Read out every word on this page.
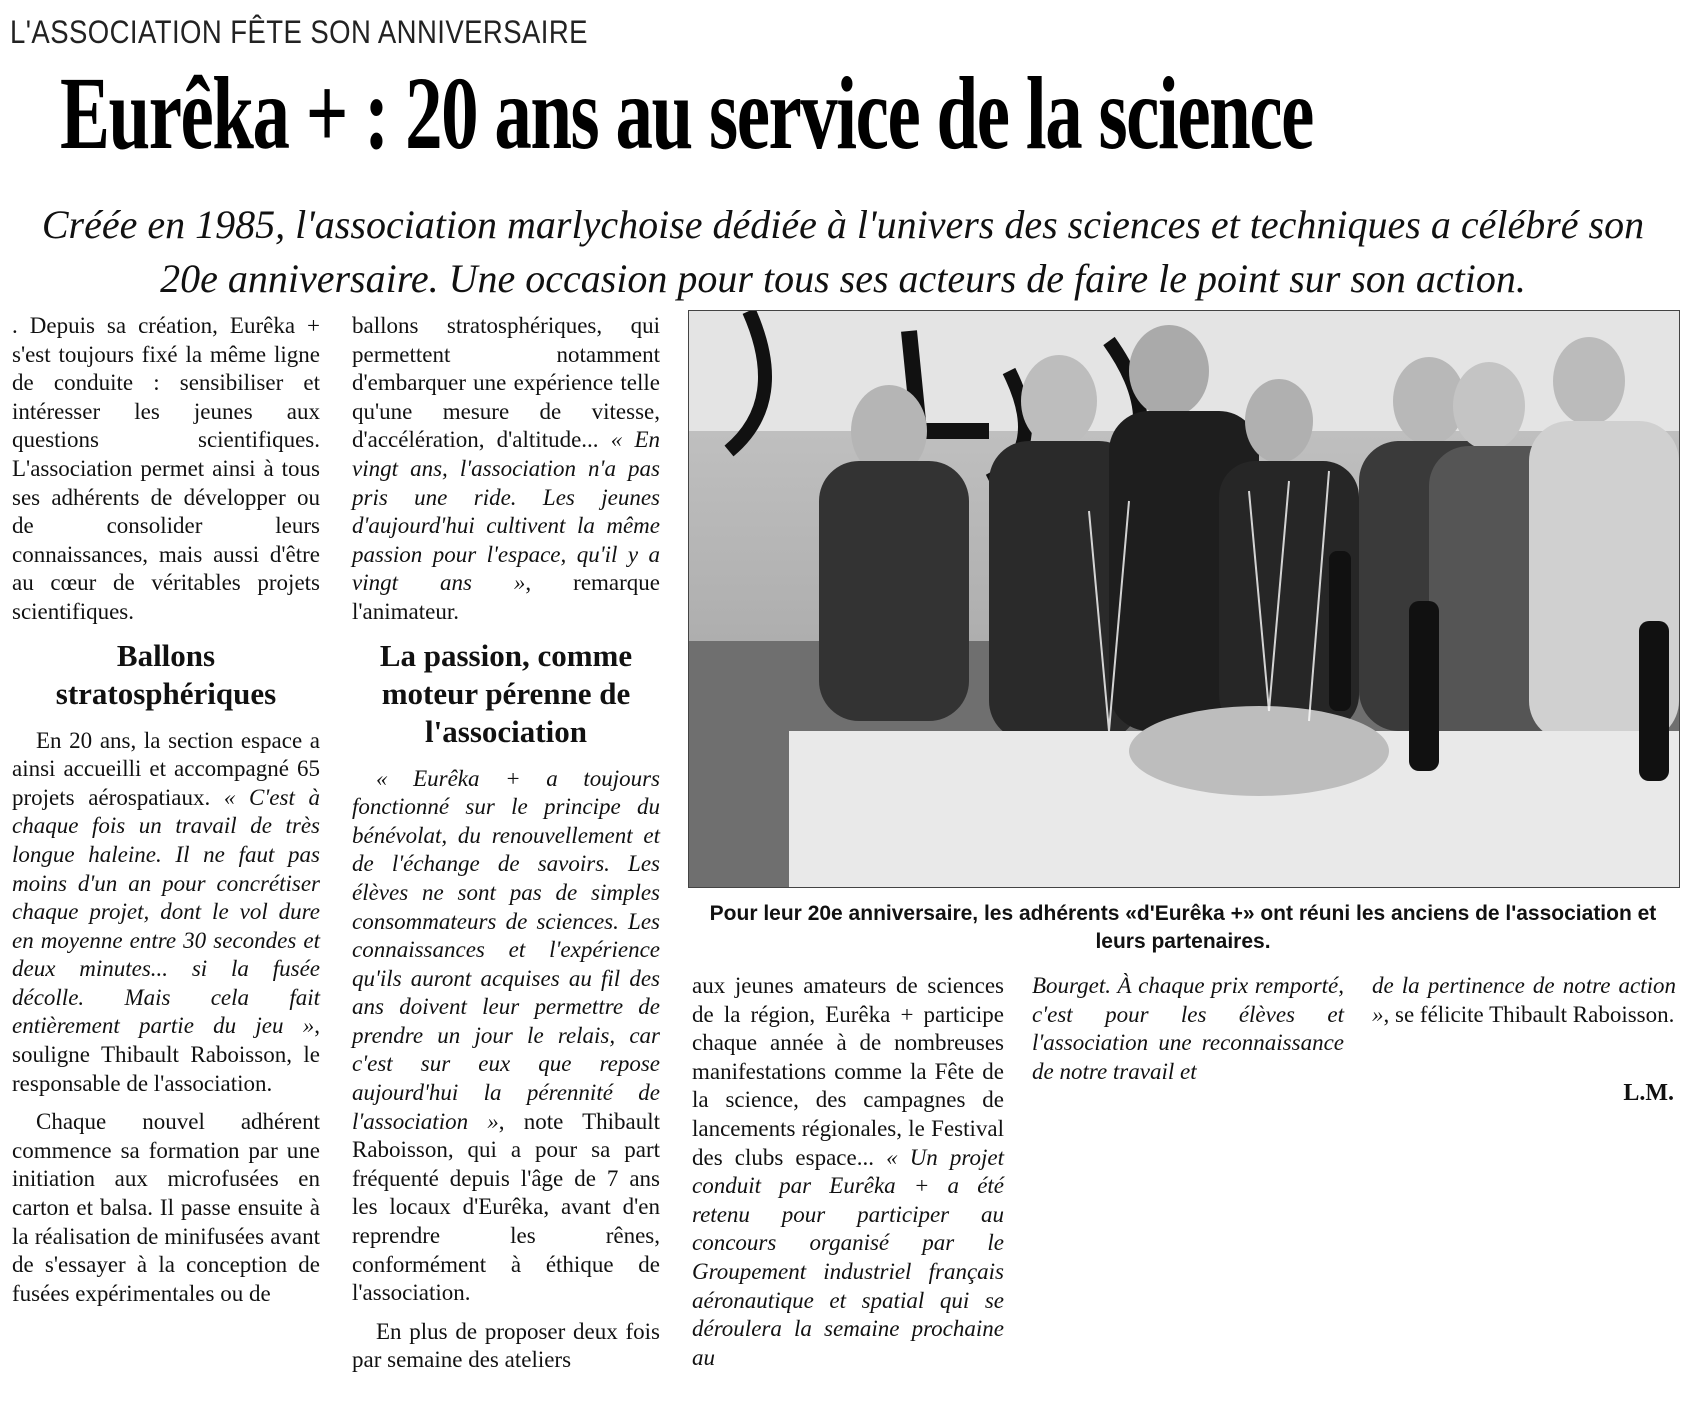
L'ASSOCIATION FÊTE SON ANNIVERSAIRE
Eurêka + : 20 ans au service de la science
Créée en 1985, l'association marlychoise dédiée à l'univers des sciences et techniques a célébré son 20e anniversaire. Une occasion pour tous ses acteurs de faire le point sur son action.

. Depuis sa création, Eurêka + s'est toujours fixé la même ligne de conduite : sensibiliser et intéresser les jeunes aux questions scientifiques. L'association permet ainsi à tous ses adhérents de développer ou de consolider leurs connaissances, mais aussi d'être au cœur de véritables projets scientifiques.

Ballons stratosphériques

En 20 ans, la section espace a ainsi accueilli et accompagné 65 projets aérospatiaux. « C'est à chaque fois un travail de très longue haleine. Il ne faut pas moins d'un an pour concrétiser chaque projet, dont le vol dure en moyenne entre 30 secondes et deux minutes... si la fusée décolle. Mais cela fait entièrement partie du jeu », souligne Thibault Raboisson, le responsable de l'association.

Chaque nouvel adhérent commence sa formation par une initiation aux microfusées en carton et balsa. Il passe ensuite à la réalisation de minifusées avant de s'essayer à la conception de fusées expérimentales ou de

ballons stratosphériques, qui permettent notamment d'embarquer une expérience telle qu'une mesure de vitesse, d'accélération, d'altitude... « En vingt ans, l'association n'a pas pris une ride. Les jeunes d'aujourd'hui cultivent la même passion pour l'espace, qu'il y a vingt ans », remarque l'animateur.

La passion, comme moteur pérenne de l'association

« Eurêka + a toujours fonctionné sur le principe du bénévolat, du renouvellement et de l'échange de savoirs. Les élèves ne sont pas de simples consommateurs de sciences. Les connaissances et l'expérience qu'ils auront acquises au fil des ans doivent leur permettre de prendre un jour le relais, car c'est sur eux que repose aujourd'hui la pérennité de l'association », note Thibault Raboisson, qui a pour sa part fréquenté depuis l'âge de 7 ans les locaux d'Eurêka, avant d'en reprendre les rênes, conformément à éthique de l'association.

En plus de proposer deux fois par semaine des ateliers

Pour leur 20e anniversaire, les adhérents «d'Eurêka +» ont réuni les anciens de l'association et leurs partenaires.

aux jeunes amateurs de sciences de la région, Eurêka + participe chaque année à de nombreuses manifestations comme la Fête de la science, des campagnes de lancements régionales, le Festival des clubs espace... « Un projet conduit par Eurêka + a été retenu pour participer au concours organisé par le Groupement industriel français aéronautique et spatial qui se déroulera la semaine prochaine au

Bourget. À chaque prix remporté, c'est pour les élèves et l'association une reconnaissance de notre travail et

de la pertinence de notre action », se félicite Thibault Raboisson.

L.M.
